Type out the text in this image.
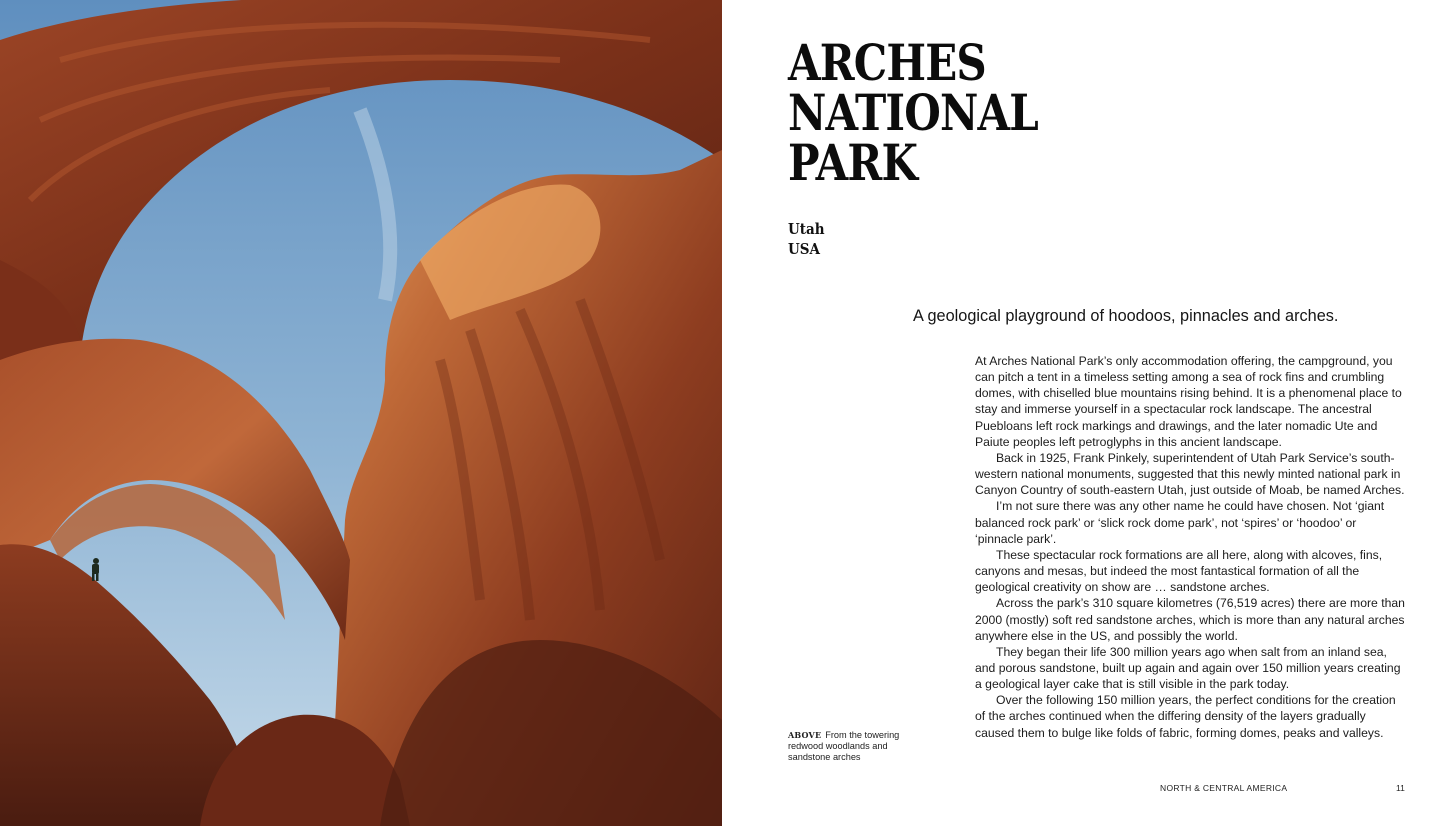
ARCHES
NATIONAL
PARK
Utah
USA
A geological playground of hoodoos, pinnacles and arches.

At Arches National Park’s only accommodation offering, the campground, you can pitch a tent in a timeless setting among a sea of rock fins and crumbling domes, with chiselled blue mountains rising behind. It is a phenomenal place to stay and immerse yourself in a spectacular rock landscape. The ancestral Puebloans left rock markings and drawings, and the later nomadic Ute and Paiute peoples left petroglyphs in this ancient landscape.

Back in 1925, Frank Pinkely, superintendent of Utah Park Service’s south-western national monuments, suggested that this newly minted national park in Canyon Country of south-eastern Utah, just outside of Moab, be named Arches.

I’m not sure there was any other name he could have chosen. Not ‘giant balanced rock park’ or ‘slick rock dome park’, not ‘spires’ or ‘hoodoo’ or ‘pinnacle park’.

These spectacular rock formations are all here, along with alcoves, fins, canyons and mesas, but indeed the most fantastical formation of all the geological creativity on show are … sandstone arches.

Across the park’s 310 square kilometres (76,519 acres) there are more than 2000 (mostly) soft red sandstone arches, which is more than any natural arches anywhere else in the US, and possibly the world.

They began their life 300 million years ago when salt from an inland sea, and porous sandstone, built up again and again over 150 million years creating a geological layer cake that is still visible in the park today.

Over the following 150 million years, the perfect conditions for the creation of the arches continued when the differing density of the layers gradually caused them to bulge like folds of fabric, forming domes, peaks and valleys.

ABOVE From the towering redwood woodlands and sandstone arches
NORTH & CENTRAL AMERICA	11
